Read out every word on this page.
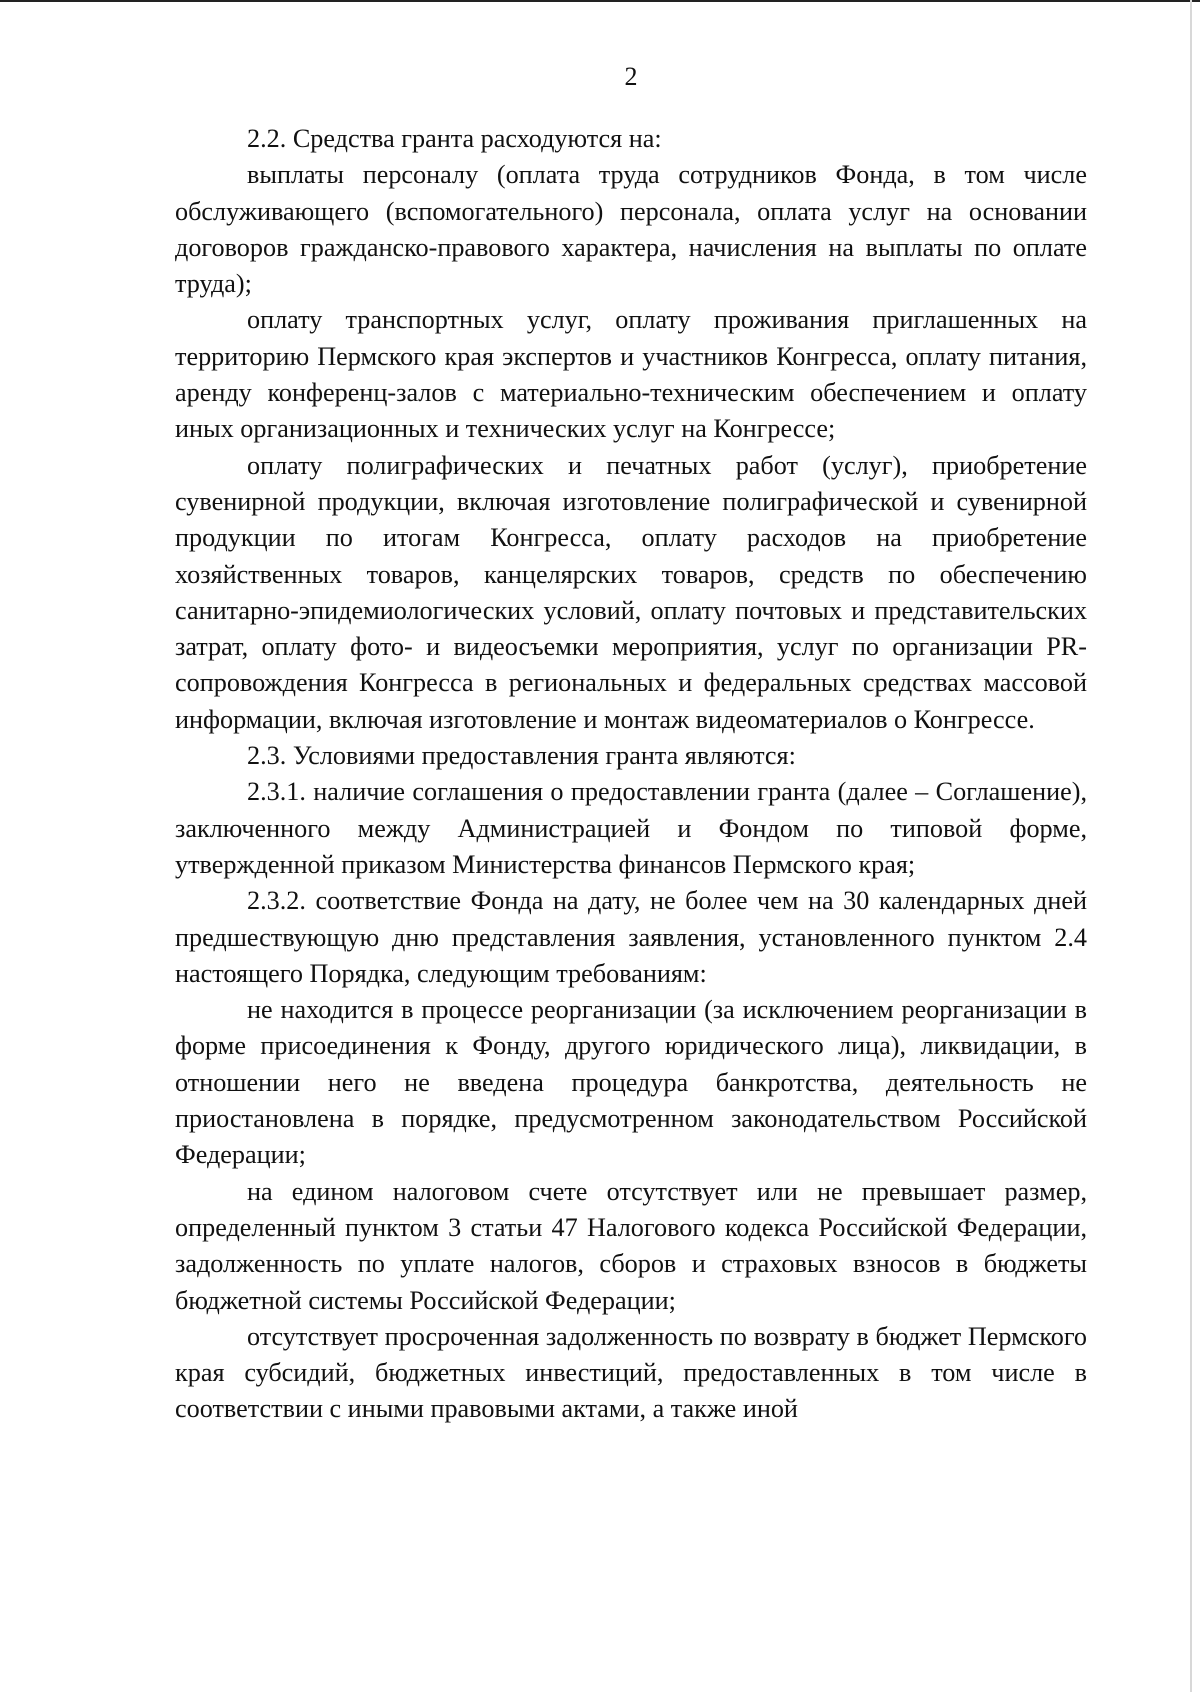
2

2.2. Средства гранта расходуются на:

выплаты персоналу (оплата труда сотрудников Фонда, в том числе обслуживающего (вспомогательного) персонала, оплата услуг на основании договоров гражданско-правового характера, начисления на выплаты по оплате труда);

оплату транспортных услуг, оплату проживания приглашенных на территорию Пермского края экспертов и участников Конгресса, оплату питания, аренду конференц-залов с материально-техническим обеспечением и оплату иных организационных и технических услуг на Конгрессе;

оплату полиграфических и печатных работ (услуг), приобретение сувенирной продукции, включая изготовление полиграфической и сувенирной продукции по итогам Конгресса, оплату расходов на приобретение хозяйственных товаров, канцелярских товаров, средств по обеспечению санитарно-эпидемиологических условий, оплату почтовых и представительских затрат, оплату фото- и видеосъемки мероприятия, услуг по организации PR-сопровождения Конгресса в региональных и федеральных средствах массовой информации, включая изготовление и монтаж видеоматериалов о Конгрессе.

2.3. Условиями предоставления гранта являются:

2.3.1. наличие соглашения о предоставлении гранта (далее – Соглашение), заключенного между Администрацией и Фондом по типовой форме, утвержденной приказом Министерства финансов Пермского края;

2.3.2. соответствие Фонда на дату, не более чем на 30 календарных дней предшествующую дню представления заявления, установленного пунктом 2.4 настоящего Порядка, следующим требованиям:

не находится в процессе реорганизации (за исключением реорганизации в форме присоединения к Фонду, другого юридического лица), ликвидации, в отношении него не введена процедура банкротства, деятельность не приостановлена в порядке, предусмотренном законодательством Российской Федерации;

на едином налоговом счете отсутствует или не превышает размер, определенный пунктом 3 статьи 47 Налогового кодекса Российской Федерации, задолженность по уплате налогов, сборов и страховых взносов в бюджеты бюджетной системы Российской Федерации;

отсутствует просроченная задолженность по возврату в бюджет Пермского края субсидий, бюджетных инвестиций, предоставленных в том числе в соответствии с иными правовыми актами, а также иной
